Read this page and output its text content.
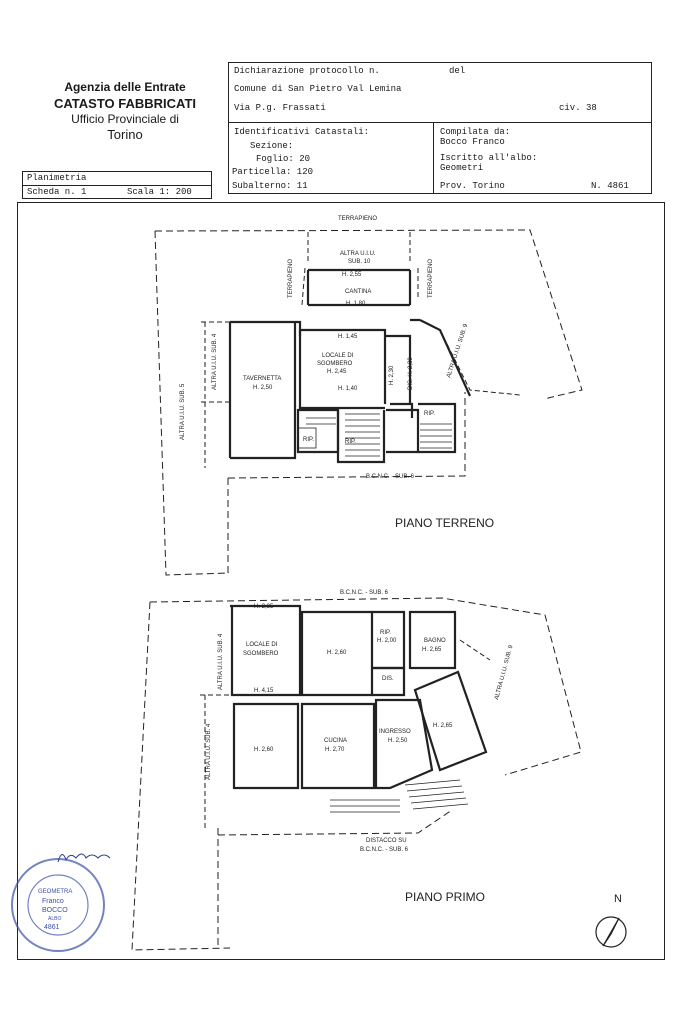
Agenzia delle Entrate
CATASTO FABBRICATI
Ufficio Provinciale di
Torino
Dichiarazione protocollo n.	del
Comune di San Pietro Val Lemina
Via P.g. Frassati	civ. 38
Identificativi Catastali:
Sezione:
Foglio: 20
Particella: 120
Subalterno: 11
Compilata da:
Bocco Franco
Iscritto all'albo:
Geometri
Prov. Torino	N. 4861
Planimetria
Scheda n. 1	Scala 1: 200
TERRAPIENO
TERRAPIENO	TERRAPIENO
ALTRA U.I.U.
SUB. 10
H. 2,55
CANTINA
H. 1,80
H. 1,45
LOCALE DI
SGOMBERO
H. 2,45
H. 1,40
TAVERNETTA
H. 2,50
ALTRA U.I.U. SUB. 4
ALTRA U.I.U. SUB. 5
ALTRA U.I.U. SUB. 9
H. 2,30 DIS. H. 2,30
RIP.	RIP.
RIP.
B.C.N.C. - SUB. 6
PIANO TERRENO
B.C.N.C. - SUB. 6
H. 2,35
ALTRA U.I.U. SUB. 4
ALTRA U.I.U. SUB. 4
ALTRA U.I.U. SUB. 9
LOCALE DI
SGOMBERO	H. 2,60
RIP.
H. 2,00	BAGNO
H. 2,65
DIS.
H. 4,15
H. 2,60
CUCINA
H. 2,70
INGRESSO
H. 2,50
H. 2,65
DISTACCO SU
B.C.N.C. - SUB. 6
PIANO PRIMO	N
GEOMETRA
Franco
BOCCO
ALBO
4861
